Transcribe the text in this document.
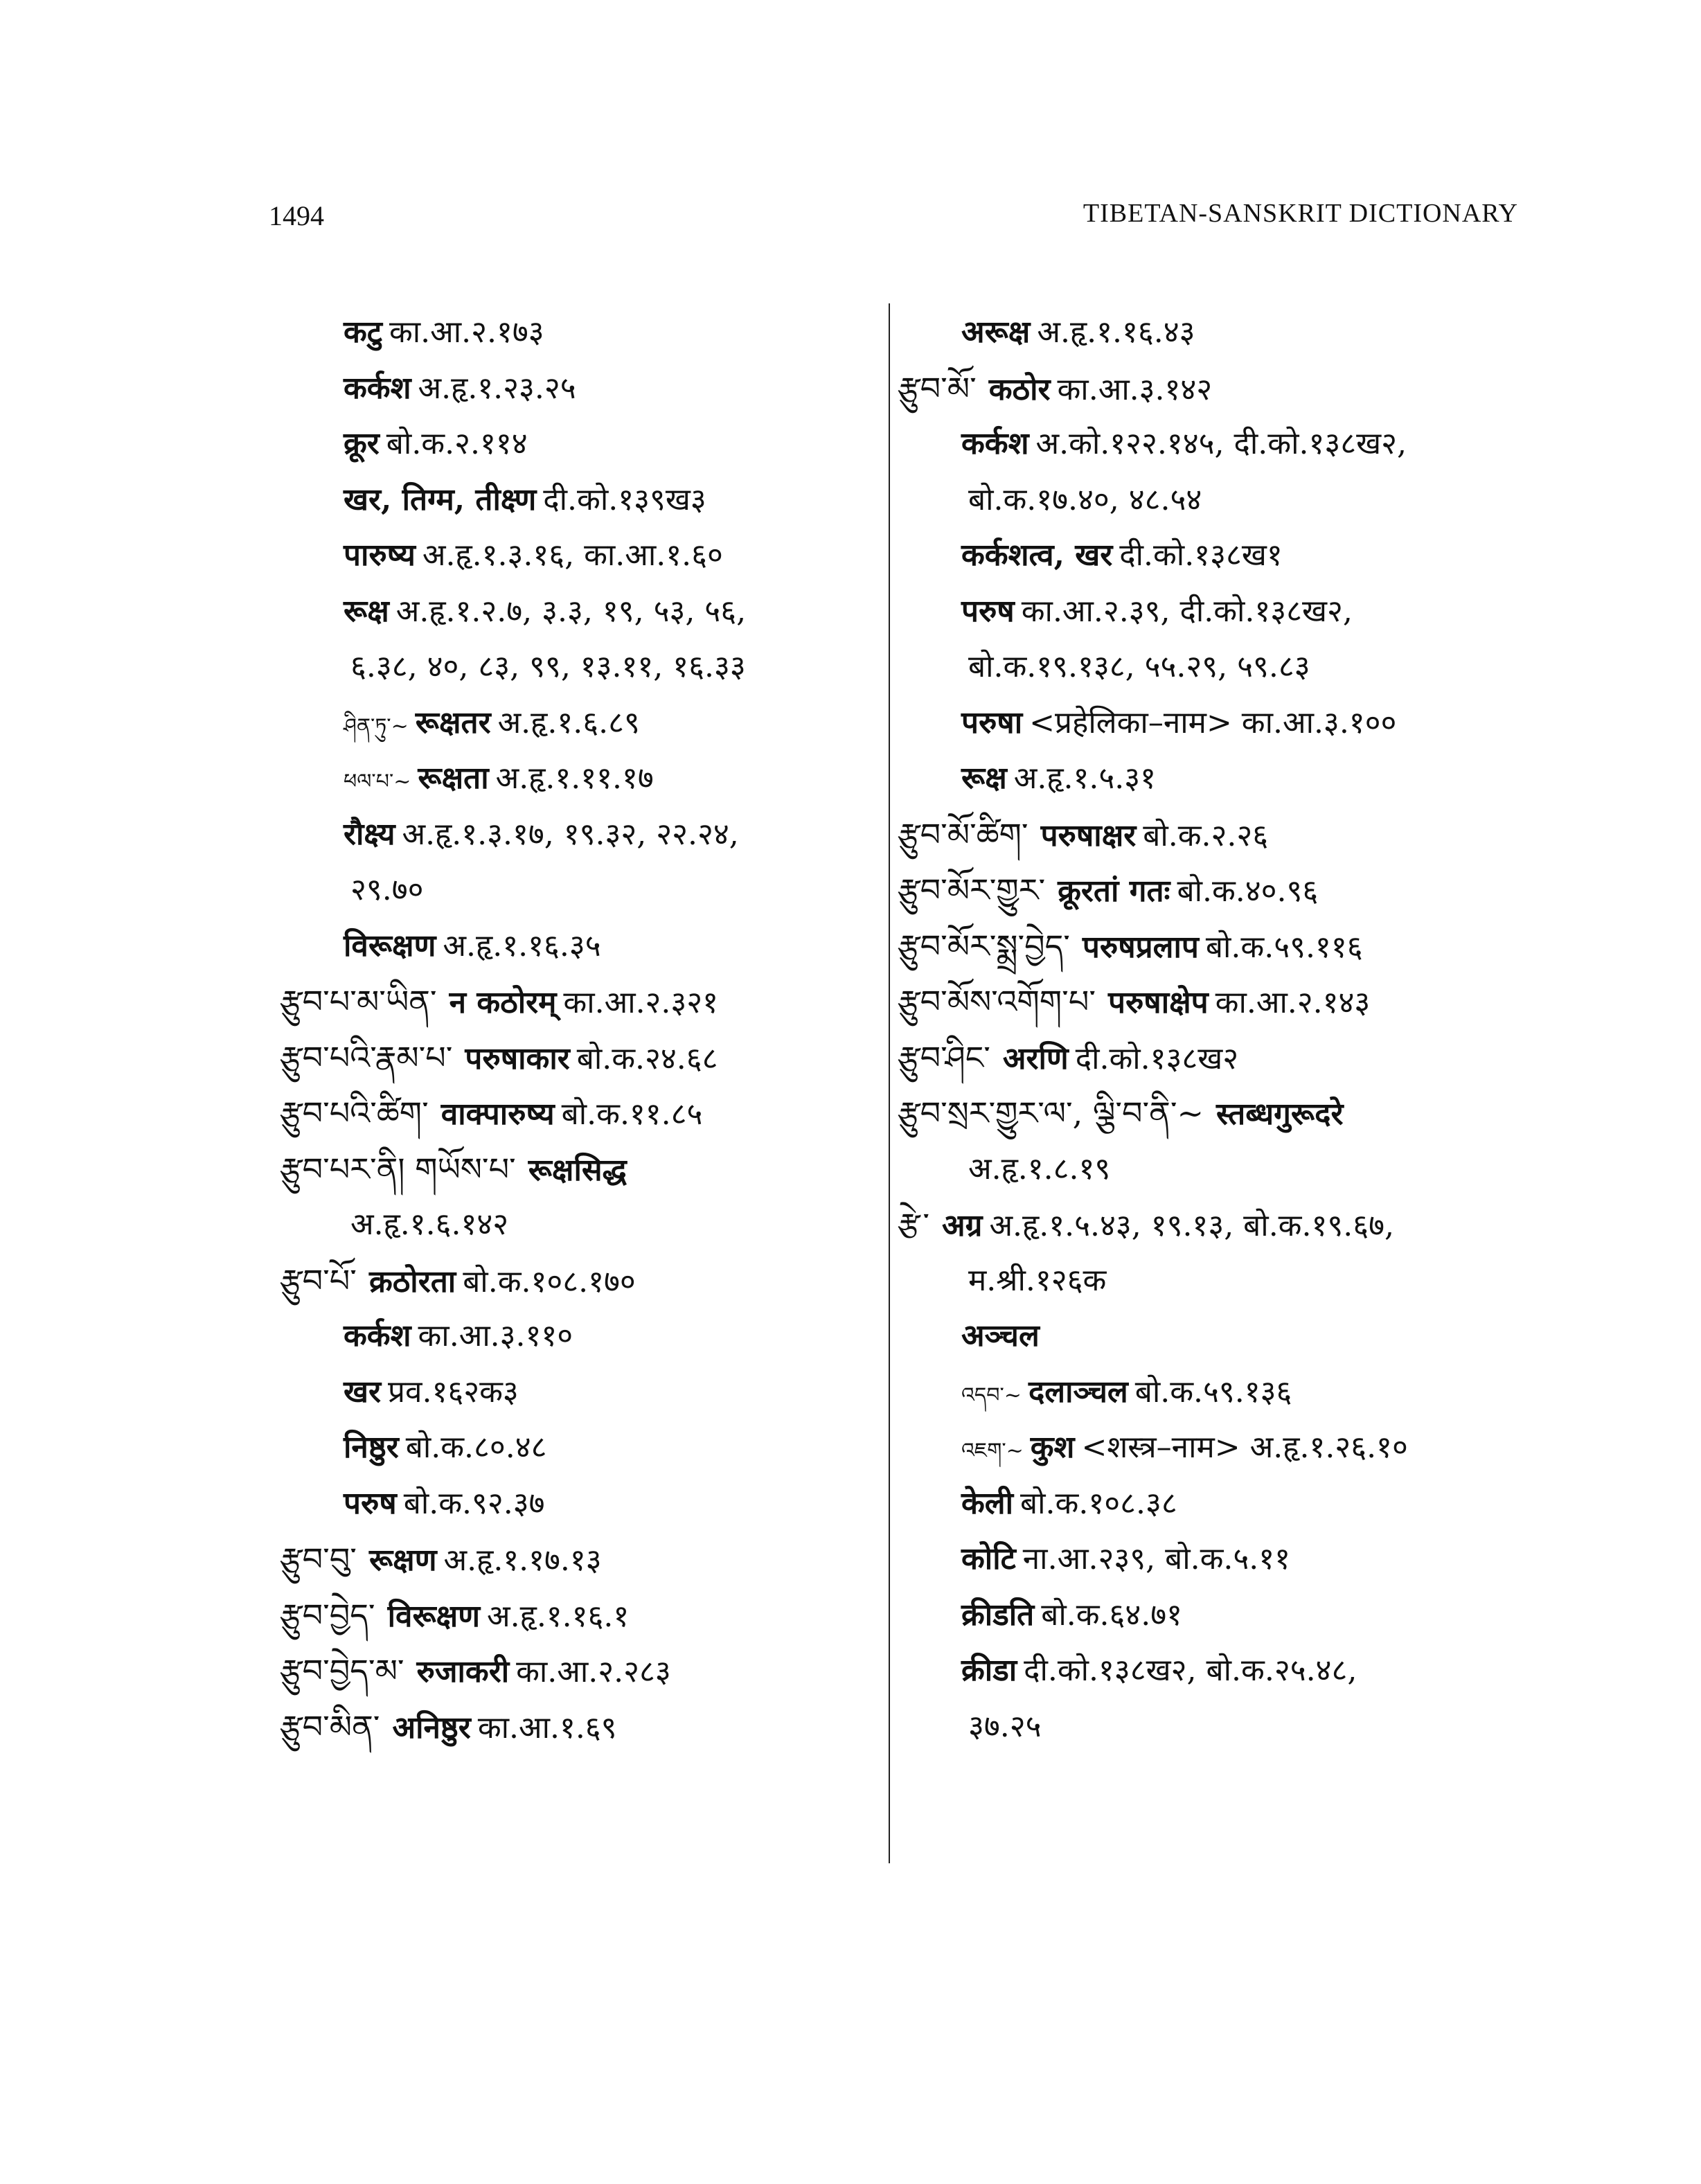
1494	TIBETAN-SANSKRIT DICTIONARY
कटु का.आ.२.१७३
कर्कश अ.हृ.१.२३.२५
क्रूर बो.क.२.११४
खर, तिग्म, तीक्ष्ण दी.को.१३९ख३
पारुष्य अ.हृ.१.३.१६, का.आ.१.६०
रूक्ष अ.हृ.१.२.७, ३.३, १९, ५३, ५६,
६.३८, ४०, ८३, ९९, १३.११, १६.३३
ཤིན་ཏུ་~ रूक्षतर अ.हृ.१.६.८९
ཕལ་པ་~ रूक्षता अ.हृ.१.११.१७
रौक्ष्य अ.हृ.१.३.१७, १९.३२, २२.२४,
२९.७०
विरूक्षण अ.हृ.१.१६.३५
རྩུབ་པ་མ་ཡིན་ न कठोरम् का.आ.२.३२१
རྩུབ་པའི་རྣམ་པ་ परुषाकार बो.क.२४.६८
རྩུབ་པའི་ཚིག་ वाक्पारुष्य बो.क.११.८५
རྩུབ་པར་ནི། གཡོས་པ་ रूक्षसिद्ध
अ.हृ.१.६.१४२
རྩུབ་པོ་ क्रठोरता बो.क.१०८.१७०
कर्कश का.आ.३.११०
खर प्रव.१६२क३
निष्ठुर बो.क.८०.४८
परुष बो.क.९२.३७
རྩུབ་བུ་ रूक्षण अ.हृ.१.१७.१३
རྩུབ་བྱེད་ विरूक्षण अ.हृ.१.१६.१
རྩུབ་བྱེད་མ་ रुजाकरी का.आ.२.२८३
རྩུབ་མིན་ अनिष्ठुर का.आ.१.६९
अरूक्ष अ.हृ.१.१६.४३
རྩུབ་མོ་ कठोर का.आ.३.१४२
कर्कश अ.को.१२२.१४५, दी.को.१३८ख२,
बो.क.१७.४०, ४८.५४
कर्कशत्व, खर दी.को.१३८ख१
परुष का.आ.२.३९, दी.को.१३८ख२,
बो.क.१९.१३८, ५५.२९, ५९.८३
परुषा <प्रहेलिका–नाम> का.आ.३.१००
रूक्ष अ.हृ.१.५.३१
རྩུབ་མོ་ཚིག་ परुषाक्षर बो.क.२.२६
རྩུབ་མོར་གྱུར་ क्रूरतां गतः बो.क.४०.९६
རྩུབ་མོར་སྨྲ་བྱེད་ परुषप्रलाप बो.क.५९.११६
རྩུབ་མོས་འགོག་པ་ परुषाक्षेप का.आ.२.१४३
རྩུབ་ཤིང་ अरणि दी.को.१३८ख२
རྩུབ་སྲར་གྱུར་ལ་, ལྕི་བ་ནི་~ स्तब्धगुरूदरे
अ.हृ.१.८.१९
རྩེ་ अग्र अ.हृ.१.५.४३, १९.१३, बो.क.१९.६७,
म.श्री.१२६क
अञ्चल
འདབ་~ दलाञ्चल बो.क.५९.१३६
འཇག་~ कुश <शस्त्र–नाम> अ.हृ.१.२६.१०
केली बो.क.१०८.३८
कोटि ना.आ.२३९, बो.क.५.११
क्रीडति बो.क.६४.७१
क्रीडा दी.को.१३८ख२, बो.क.२५.४८,
३७.२५
